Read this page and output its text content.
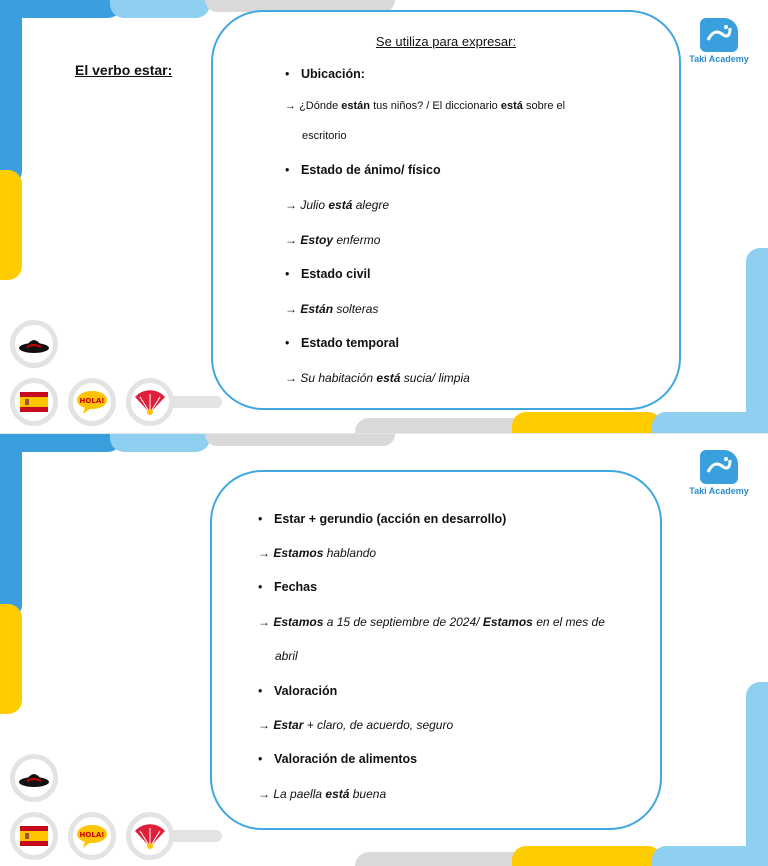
Taki Academy
El verbo estar:
Se utiliza para expresar:
• Ubicación:
→ ¿Dónde están tus niños? / El diccionario está sobre el
escritorio
• Estado de ánimo/ físico
→ Julio está alegre
→ Estoy enfermo
• Estado civil
→ Están solteras
• Estado temporal
→ Su habitación está sucia/ limpia
HOLA!
Taki Academy
• Estar + gerundio (acción en desarrollo)
→ Estamos hablando
• Fechas
→ Estamos a 15 de septiembre de 2024/ Estamos en el mes de
abril
• Valoración
→ Estar + claro, de acuerdo, seguro
• Valoración de alimentos
→ La paella está buena
HOLA!
